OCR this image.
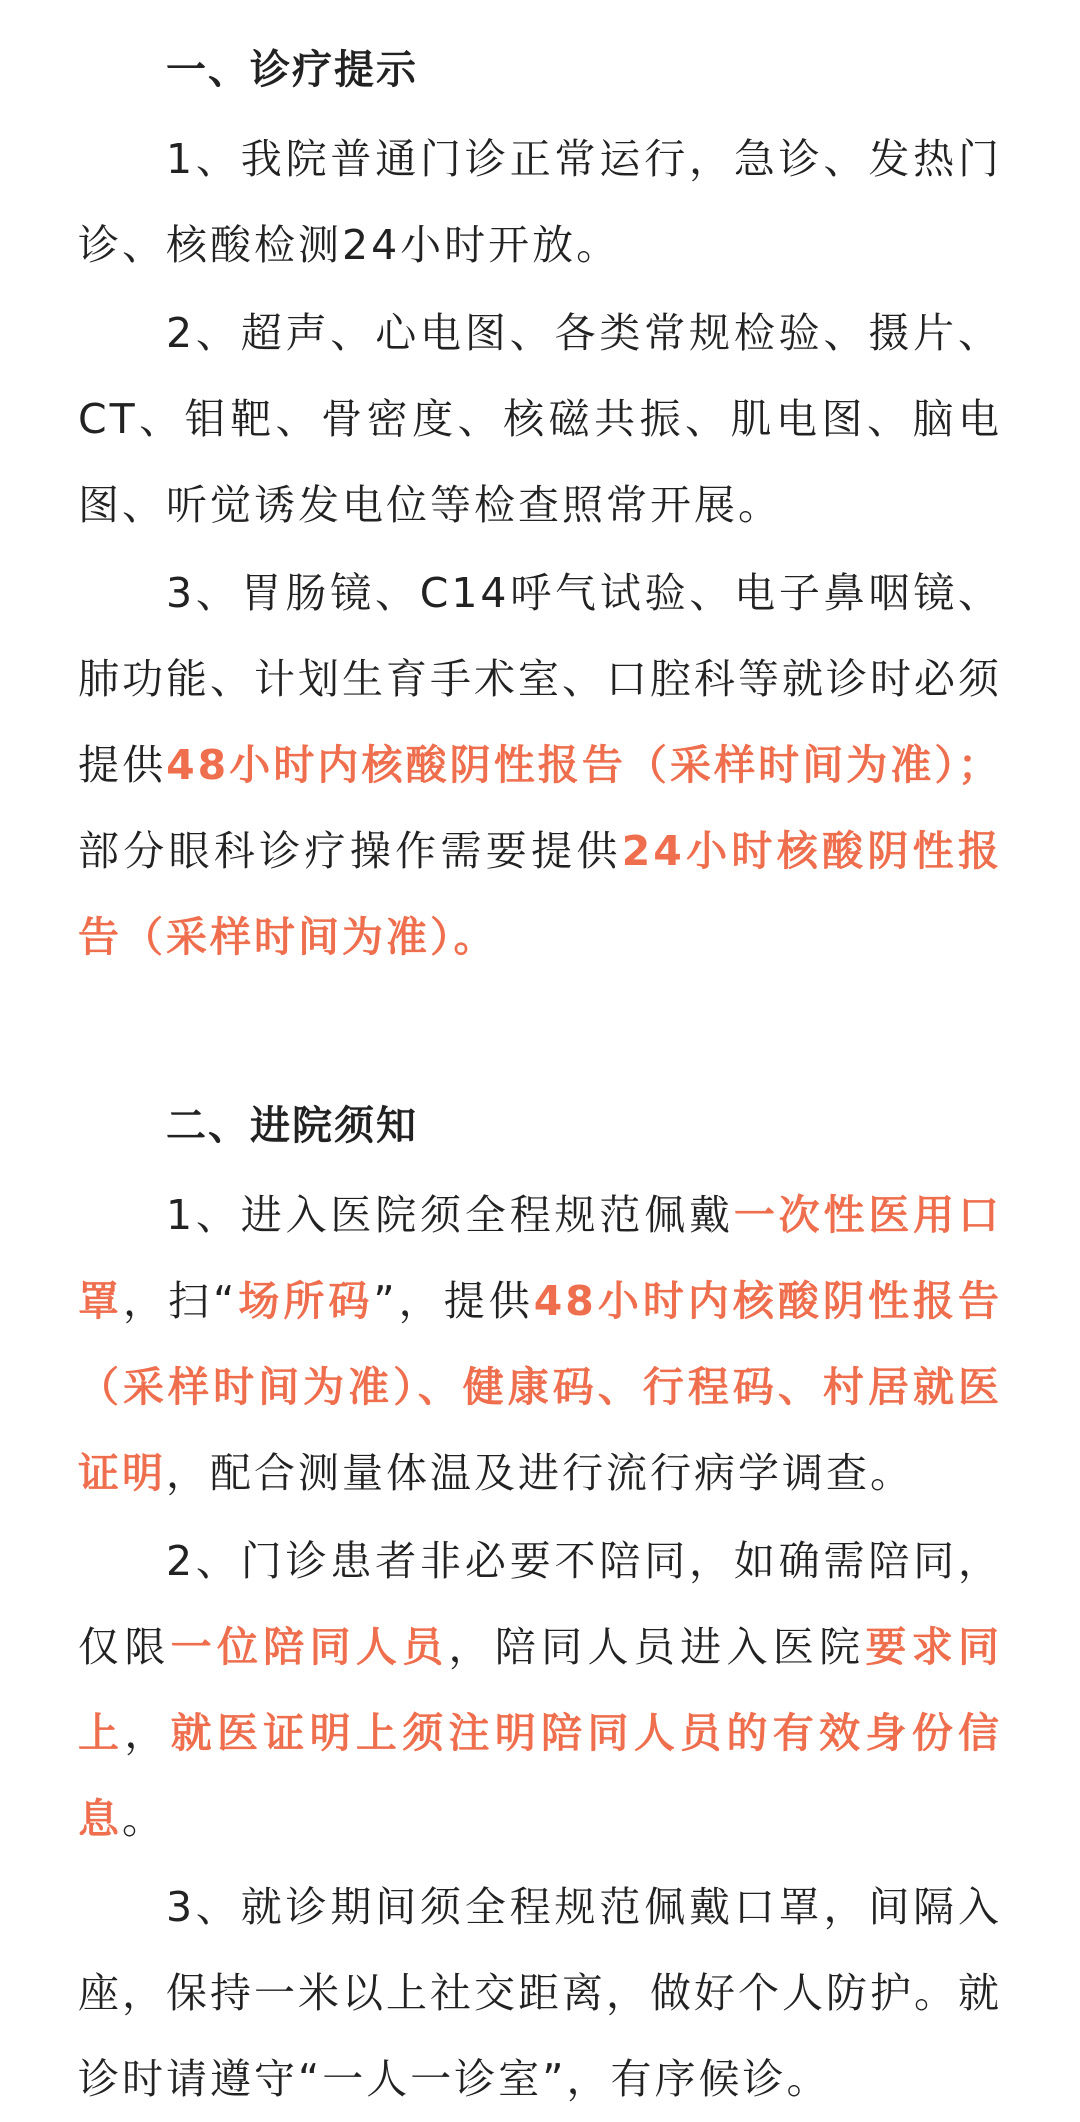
一、诊疗提示

1、我院普通门诊正常运行，急诊、发热门诊、核酸检测24小时开放。

2、超声、心电图、各类常规检验、摄片、CT、钼靶、骨密度、核磁共振、肌电图、脑电图、听觉诱发电位等检查照常开展。

3、胃肠镜、C14呼气试验、电子鼻咽镜、肺功能、计划生育手术室、口腔科等就诊时必须提供48小时内核酸阴性报告（采样时间为准）；部分眼科诊疗操作需要提供24小时核酸阴性报告（采样时间为准）。

二、进院须知

1、进入医院须全程规范佩戴一次性医用口罩，扫“场所码”，提供48小时内核酸阴性报告（采样时间为准）、健康码、行程码、村居就医证明，配合测量体温及进行流行病学调查。

2、门诊患者非必要不陪同，如确需陪同，仅限一位陪同人员，陪同人员进入医院要求同上，就医证明上须注明陪同人员的有效身份信息。

3、就诊期间须全程规范佩戴口罩，间隔入座，保持一米以上社交距离，做好个人防护。就诊时请遵守“一人一诊室”，有序候诊。
